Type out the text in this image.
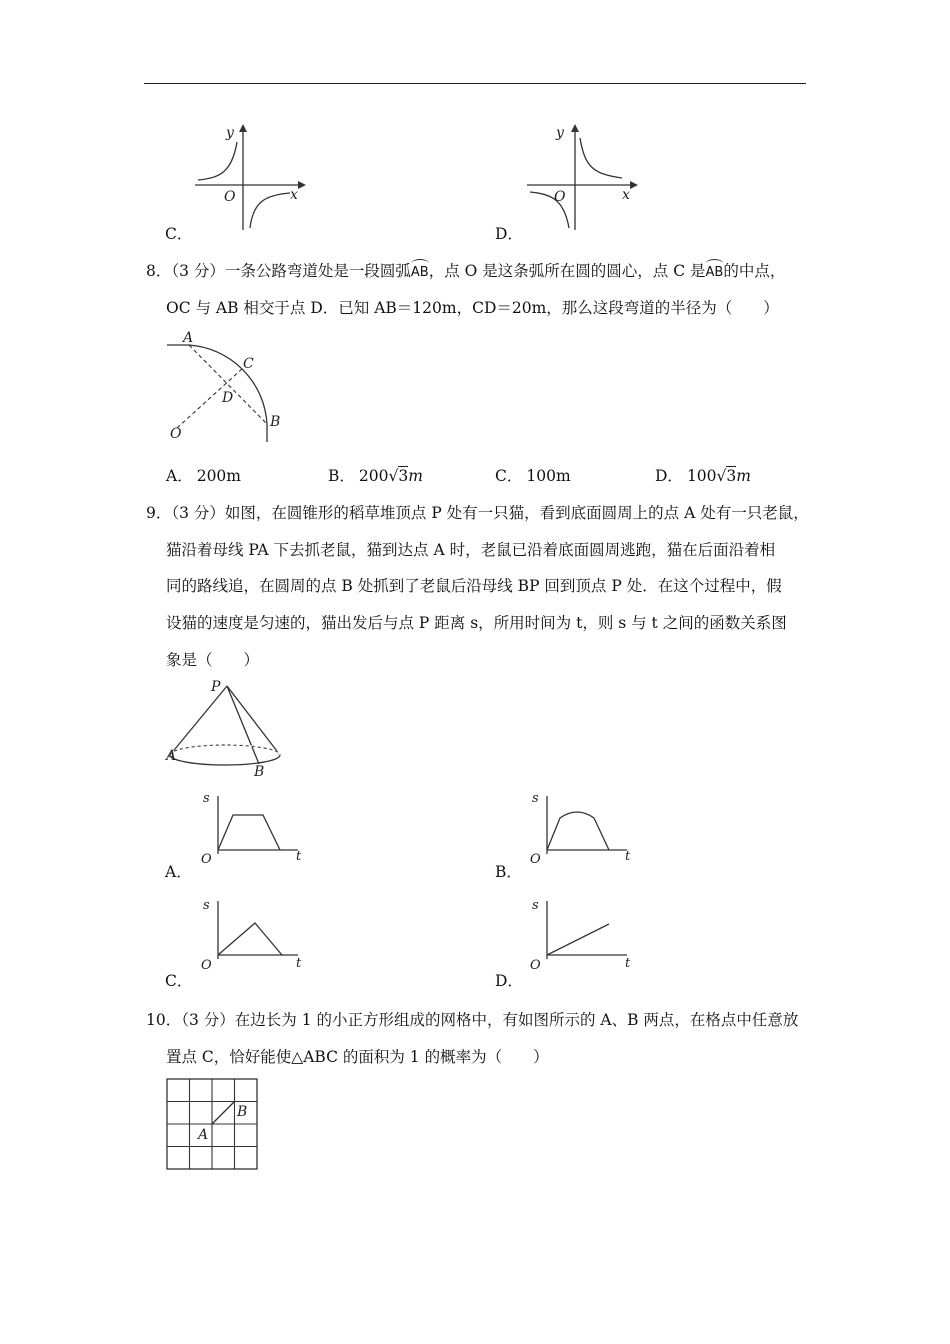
y
x
O
C．
y
x
O
D．
8．（3 分）一条公路弯道处是一段圆弧
AB，点 O 是这条弧所在圆的圆心，点 C 是
AB的中点，
OC 与 AB 相交于点 D．已知 AB＝120m，CD＝20m，那么这段弯道的半径为（　　）
A
C
D
B
O
A． 200m	B． 200√3m	C． 100m	D． 100√3m
9．（3 分）如图，在圆锥形的稻草堆顶点 P 处有一只猫，看到底面圆周上的点 A 处有一只老鼠，
猫沿着母线 PA 下去抓老鼠，猫到达点 A 时，老鼠已沿着底面圆周逃跑，猫在后面沿着相
同的路线追，在圆周的点 B 处抓到了老鼠后沿母线 BP 回到顶点 P 处．在这个过程中，假
设猫的速度是匀速的，猫出发后与点 P 距离 s，所用时间为 t，则 s 与 t 之间的函数关系图
象是（　　）
P
A
B
s
t
O
A．
s
t
O
B．
s
t
O
C．
s
t
O
D．
10．（3 分）在边长为 1 的小正方形组成的网格中，有如图所示的 A、B 两点，在格点中任意放
置点 C，恰好能使△ABC 的面积为 1 的概率为（　　）
A
B
